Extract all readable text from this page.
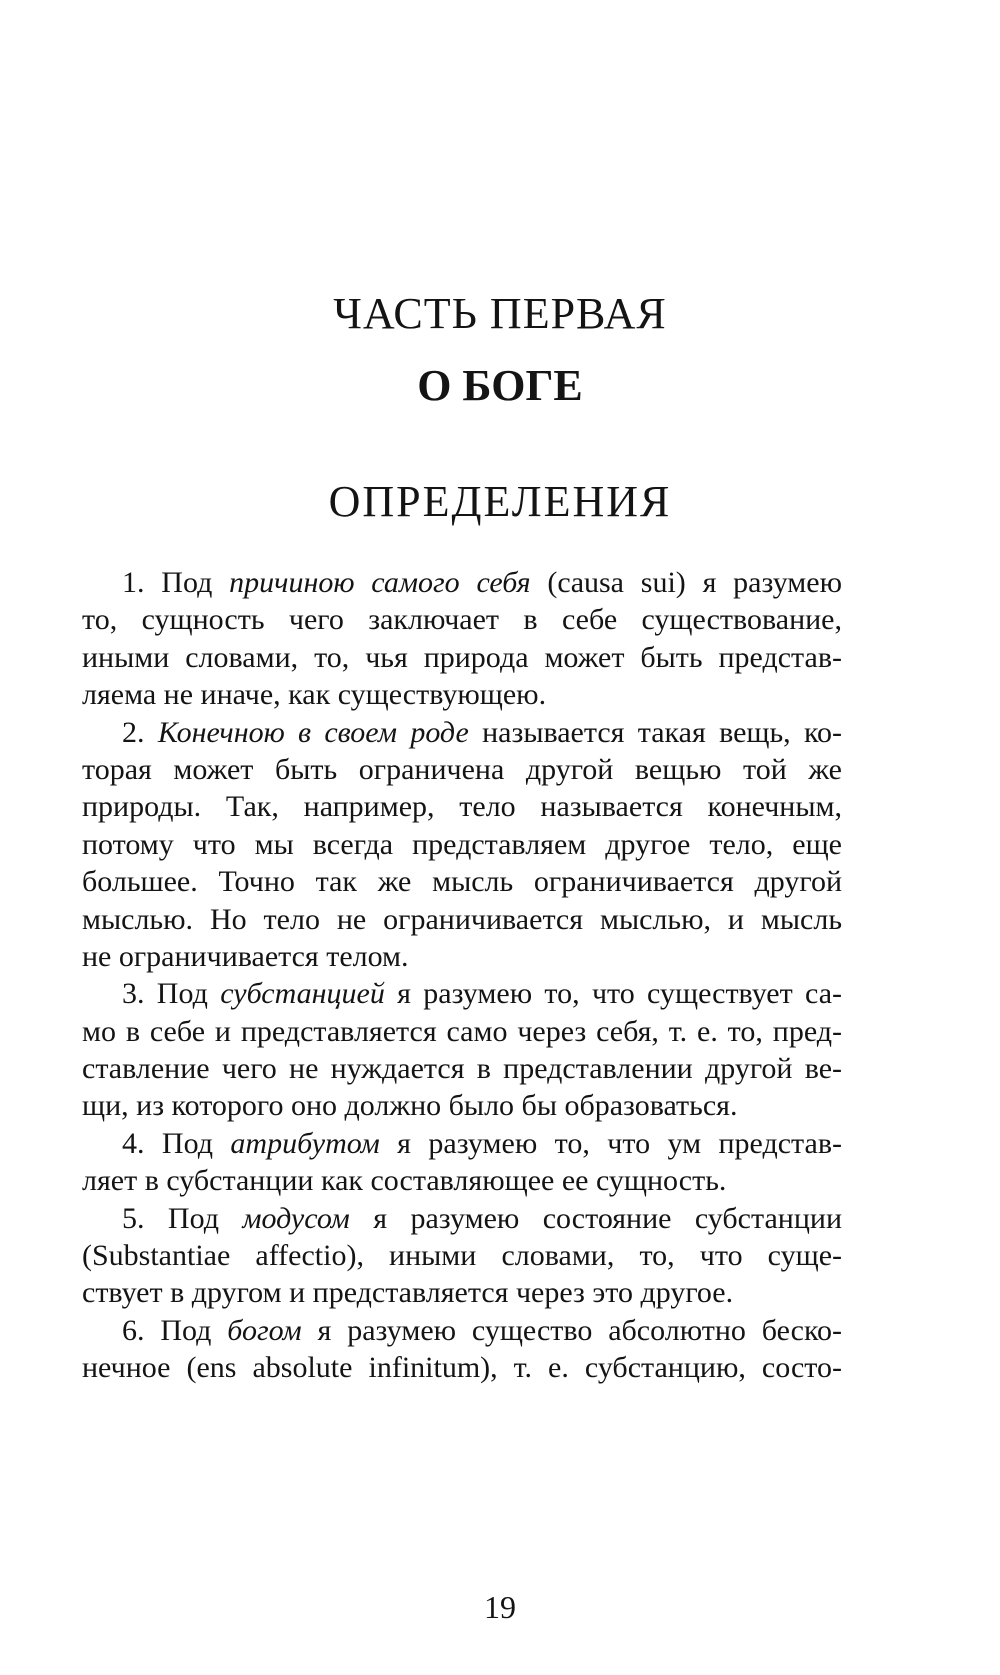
ЧАСТЬ ПЕРВАЯ
О БОГЕ
ОПРЕДЕЛЕНИЯ
1. Под причиною самого себя (causa sui) я разумею
то, сущность чего заключает в себе существование,
иными словами, то, чья природа может быть представ-
ляема не иначе, как существующею.
2. Конечною в своем роде называется такая вещь, ко-
торая может быть ограничена другой вещью той же
природы. Так, например, тело называется конечным,
потому что мы всегда представляем другое тело, еще
большее. Точно так же мысль ограничивается другой
мыслью. Но тело не ограничивается мыслью, и мысль
не ограничивается телом.
3. Под субстанцией я разумею то, что существует са-
мо в себе и представляется само через себя, т. е. то, пред-
ставление чего не нуждается в представлении другой ве-
щи, из которого оно должно было бы образоваться.
4. Под атрибутом я разумею то, что ум представ-
ляет в субстанции как составляющее ее сущность.
5. Под модусом я разумею состояние субстанции
(Substantiae affectio), иными словами, то, что суще-
ствует в другом и представляется через это другое.
6. Под богом я разумею существо абсолютно беско-
нечное (ens absolute infinitum), т. е. субстанцию, состо-
19
